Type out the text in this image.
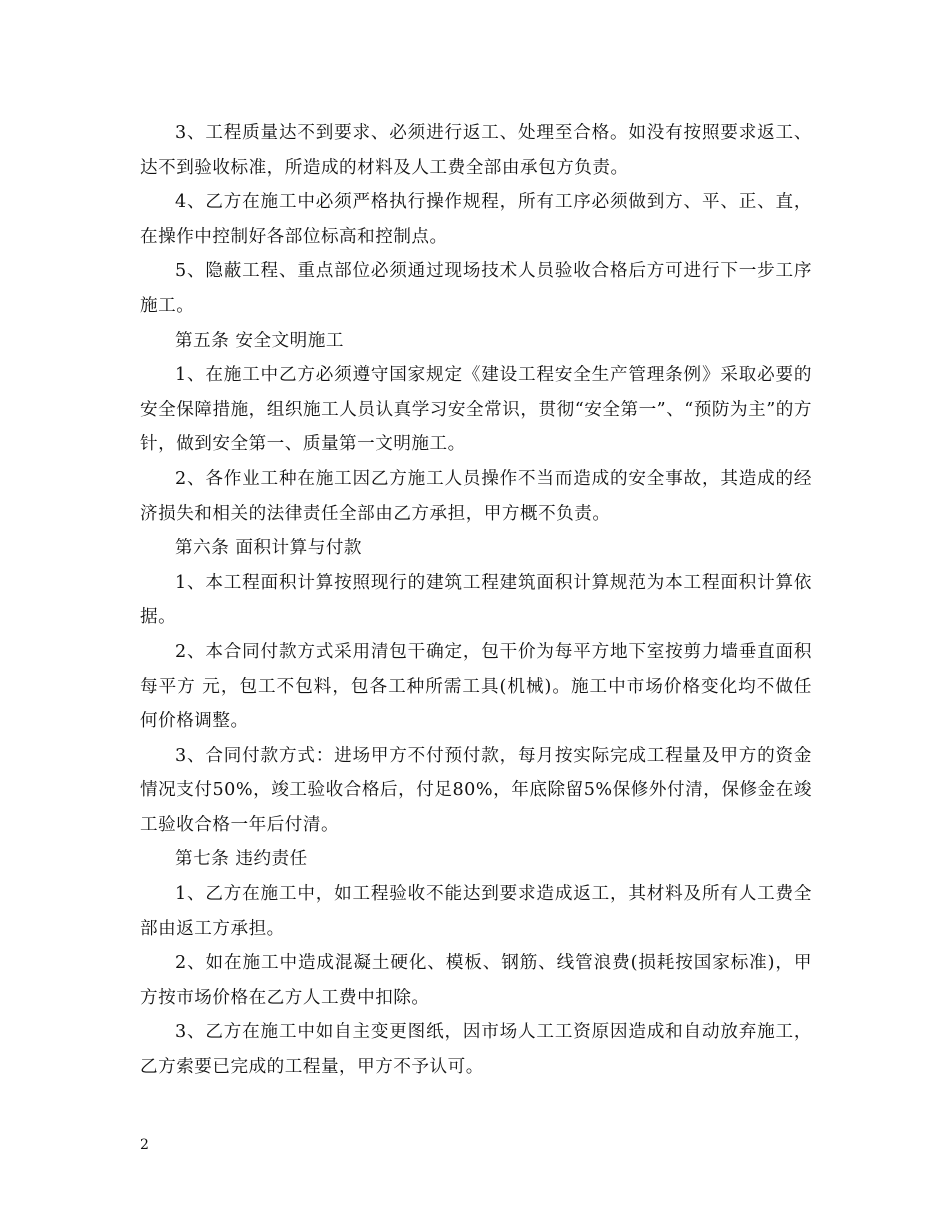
3、工程质量达不到要求、必须进行返工、处理至合格。如没有按照要求返工、达不到验收标准，所造成的材料及人工费全部由承包方负责。

4、乙方在施工中必须严格执行操作规程，所有工序必须做到方、平、正、直，在操作中控制好各部位标高和控制点。

5、隐蔽工程、重点部位必须通过现场技术人员验收合格后方可进行下一步工序施工。

第五条 安全文明施工

1、在施工中乙方必须遵守国家规定《建设工程安全生产管理条例》采取必要的安全保障措施，组织施工人员认真学习安全常识，贯彻“安全第一”、“预防为主”的方针，做到安全第一、质量第一文明施工。

2、各作业工种在施工因乙方施工人员操作不当而造成的安全事故，其造成的经济损失和相关的法律责任全部由乙方承担，甲方概不负责。

第六条 面积计算与付款

1、本工程面积计算按照现行的建筑工程建筑面积计算规范为本工程面积计算依据。

2、本合同付款方式采用清包干确定，包干价为每平方地下室按剪力墙垂直面积每平方 元，包工不包料，包各工种所需工具(机械)。施工中市场价格变化均不做任何价格调整。

3、合同付款方式：进场甲方不付预付款，每月按实际完成工程量及甲方的资金情况支付50%，竣工验收合格后，付足80%，年底除留5%保修外付清，保修金在竣工验收合格一年后付清。

第七条 违约责任

1、乙方在施工中，如工程验收不能达到要求造成返工，其材料及所有人工费全部由返工方承担。

2、如在施工中造成混凝土硬化、模板、钢筋、线管浪费(损耗按国家标准)，甲方按市场价格在乙方人工费中扣除。

3、乙方在施工中如自主变更图纸，因市场人工工资原因造成和自动放弃施工，乙方索要已完成的工程量，甲方不予认可。

2
